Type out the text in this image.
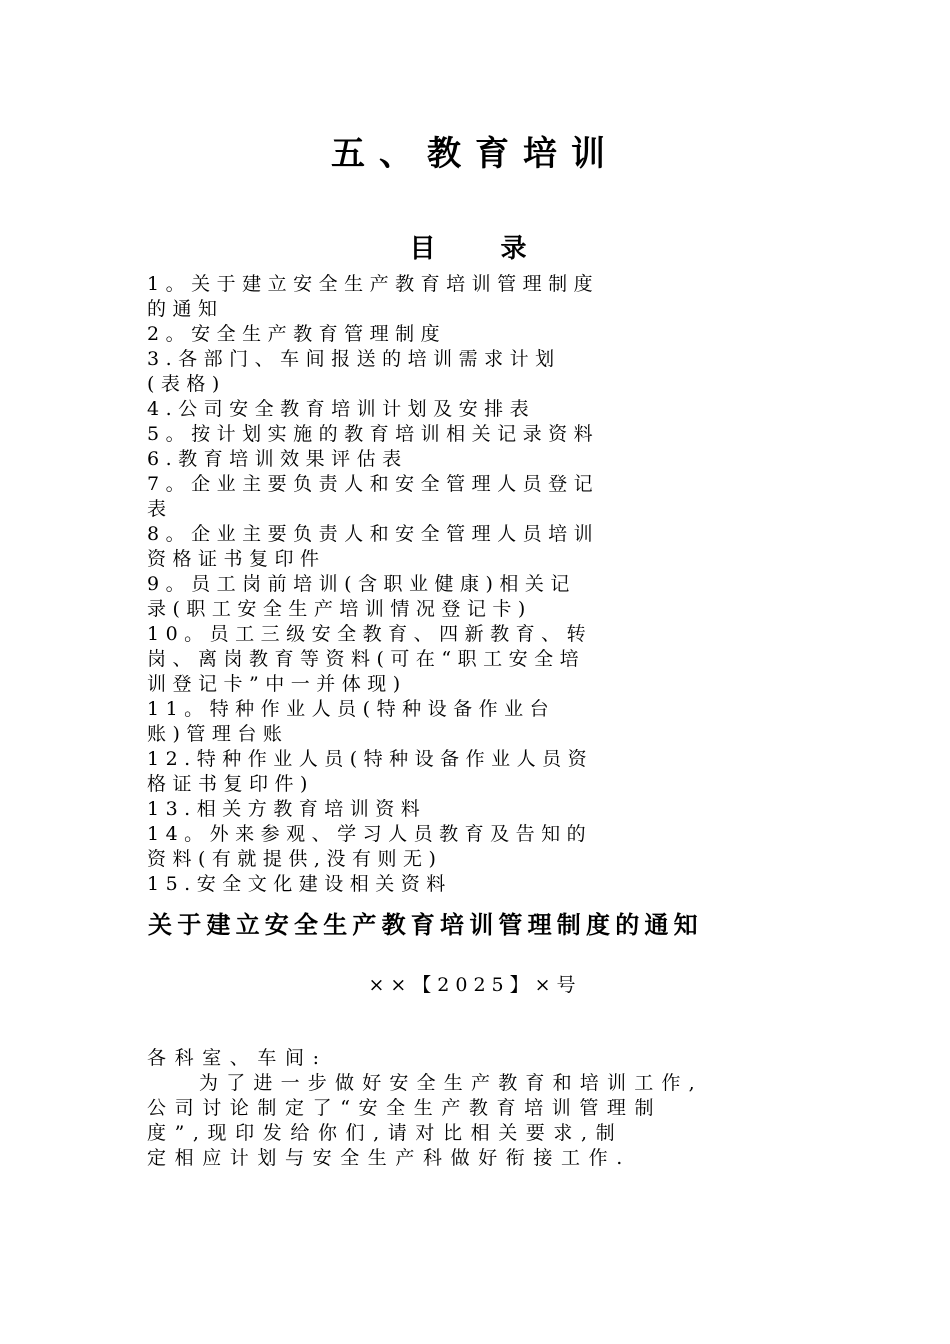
五、教育培训
目 录
1。关于建立安全生产教育培训管理制度
的通知
2。安全生产教育管理制度
3.各部门、车间报送的培训需求计划
(表格)
4.公司安全教育培训计划及安排表
5。按计划实施的教育培训相关记录资料
6.教育培训效果评估表
7。企业主要负责人和安全管理人员登记
表
8。企业主要负责人和安全管理人员培训
资格证书复印件
9。员工岗前培训(含职业健康)相关记
录(职工安全生产培训情况登记卡)
10。员工三级安全教育、四新教育、转
岗、离岗教育等资料(可在“职工安全培
训登记卡”中一并体现)
11。特种作业人员(特种设备作业台
账)管理台账
12.特种作业人员(特种设备作业人员资
格证书复印件)
13.相关方教育培训资料
14。外来参观、学习人员教育及告知的
资料(有就提供,没有则无)
15.安全文化建设相关资料
关于建立安全生产教育培训管理制度的通知
××【2025】×号
各科室、车间:
为了进一步做好安全生产教育和培训工作,
公司讨论制定了“安全生产教育培训管理制
度”,现印发给你们,请对比相关要求,制
定相应计划与安全生产科做好衔接工作.
